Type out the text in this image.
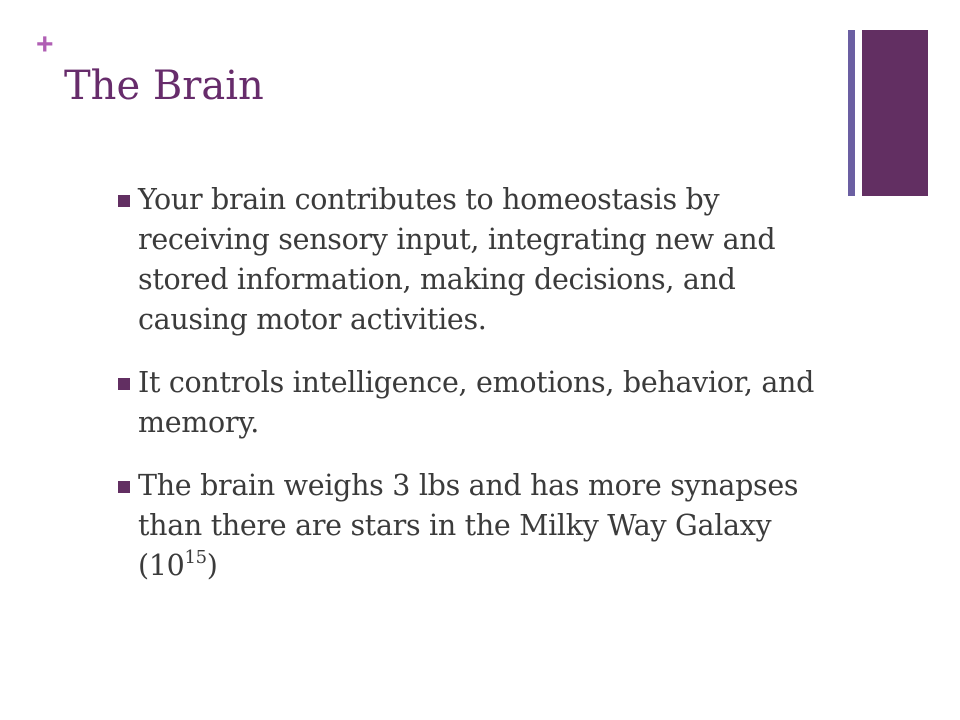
+
The Brain
Your brain contributes to homeostasis by receiving sensory input, integrating new and stored information, making decisions, and causing motor activities.
It controls intelligence, emotions, behavior, and memory.
The brain weighs 3 lbs and has more synapses than there are stars in the Milky Way Galaxy $(10^{15})$
